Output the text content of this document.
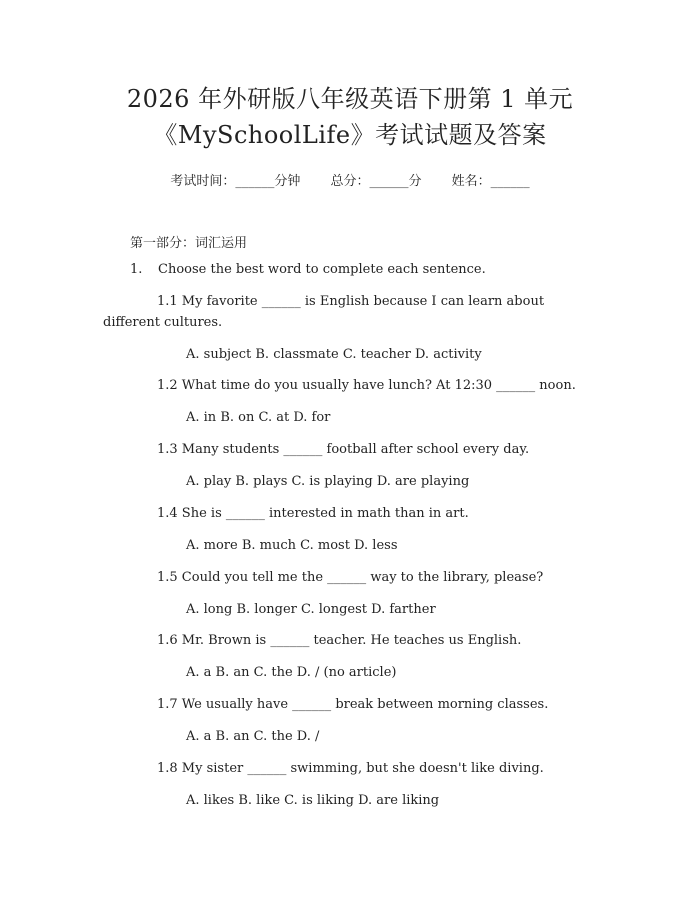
2026 年外研版八年级英语下册第 1 单元
《MySchoolLife》考试试题及答案
考试时间：______分钟 总分：______分 姓名：______
第一部分：词汇运用
1. Choose the best word to complete each sentence.
1.1 My favorite ______ is English because I can learn about
different cultures.
A. subject B. classmate C. teacher D. activity
1.2 What time do you usually have lunch? At 12:30 ______ noon.
A. in B. on C. at D. for
1.3 Many students ______ football after school every day.
A. play B. plays C. is playing D. are playing
1.4 She is ______ interested in math than in art.
A. more B. much C. most D. less
1.5 Could you tell me the ______ way to the library, please?
A. long B. longer C. longest D. farther
1.6 Mr. Brown is ______ teacher. He teaches us English.
A. a B. an C. the D. / (no article)
1.7 We usually have ______ break between morning classes.
A. a B. an C. the D. /
1.8 My sister ______ swimming, but she doesn't like diving.
A. likes B. like C. is liking D. are liking
